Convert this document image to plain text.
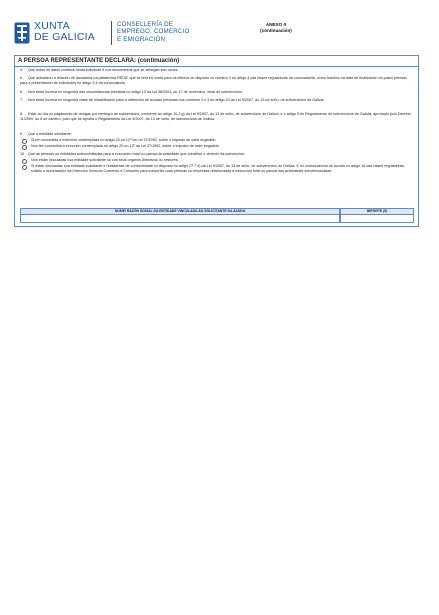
XUNTA
DE GALICIA
CONSELLERÍA DE
EMPREGO, COMERCIO
E EMIGRACIÓN
ANEXO II
(continuación)
A PERSOA REPRESENTANTE DECLARA: (continuación)
4. Que todos os datos contidos nesta solicitude e nos documentos que se achegan son certos.
5. Que actualizou a relación de asociados na plataforma REDIC que se terá en conta para os efectos do disposto no número 3 do artigo 4 das bases reguladoras da convocatoria, como máximo na data de finalización do prazo previsto para a presentación de solicitudes no artigo 3.4 da convocatoria.
6. Non estar incursa en ningunha das circunstancias previstas no artigo 13 da Lei 38/2003, do 17 de novembro, xeral de subvencións.
7. Non estar incursa en ningunha clase de inhabilitación para a obtención de axudas previstas nos números 2 e 3 do artigo 10 da Lei 9/2007, do 13 de xuño, de subvencións de Galicia.
8. Estar ao día no pagamento de obrigas por reintegro de subvencións, conforme ao artigo 10.2.g) da Lei 9/2007, do 13 de xuño, de subvencións de Galicia, e o artigo 9 do Regulamento de subvencións de Galicia, aprobado polo Decreto 11/2009, do 8 de xaneiro, polo que se aproba o Regulamento da Lei 9/2007, do 13 de xuño, de subvencións de Galicia.
9. Que a entidade solicitante:
Si ten concedida a exención contemplada no artigo 20.un.12º da Lei 37/1992, sobre o imposto de valor engadido
Non ten concedida a exención contemplada no artigo 20.un.12º da Lei 37/1992, sobre o imposto de valor engadido
10. Que as persoas ou entidades subcontratadas para a execución total ou parcial da actividade que constitúe o obxecto da subvención:
Non están vinculadas coa entidade solicitante ou cos seus órganos directivos ou xestores.
Si están vinculadas coa entidade solicitante e realizarase de conformidade co disposto no artigo 27.7 d) da Lei 9/2007, do 13 de xuño, de subvencións de Galicia. E en consecuencia de acordo co artigo 16 das bases reguladoras, solicito a autorización da Dirección Xeral de Comercio e Consumo para concertar coas persoas ou empresas relacionadas a execución total ou parcial das actividades subvencionadas.
NOME/ RAZÓN SOCIAL DA ENTIDADE VINCULADA AO SOLICITANTE DA AXUDA	IMPORTE (€)
